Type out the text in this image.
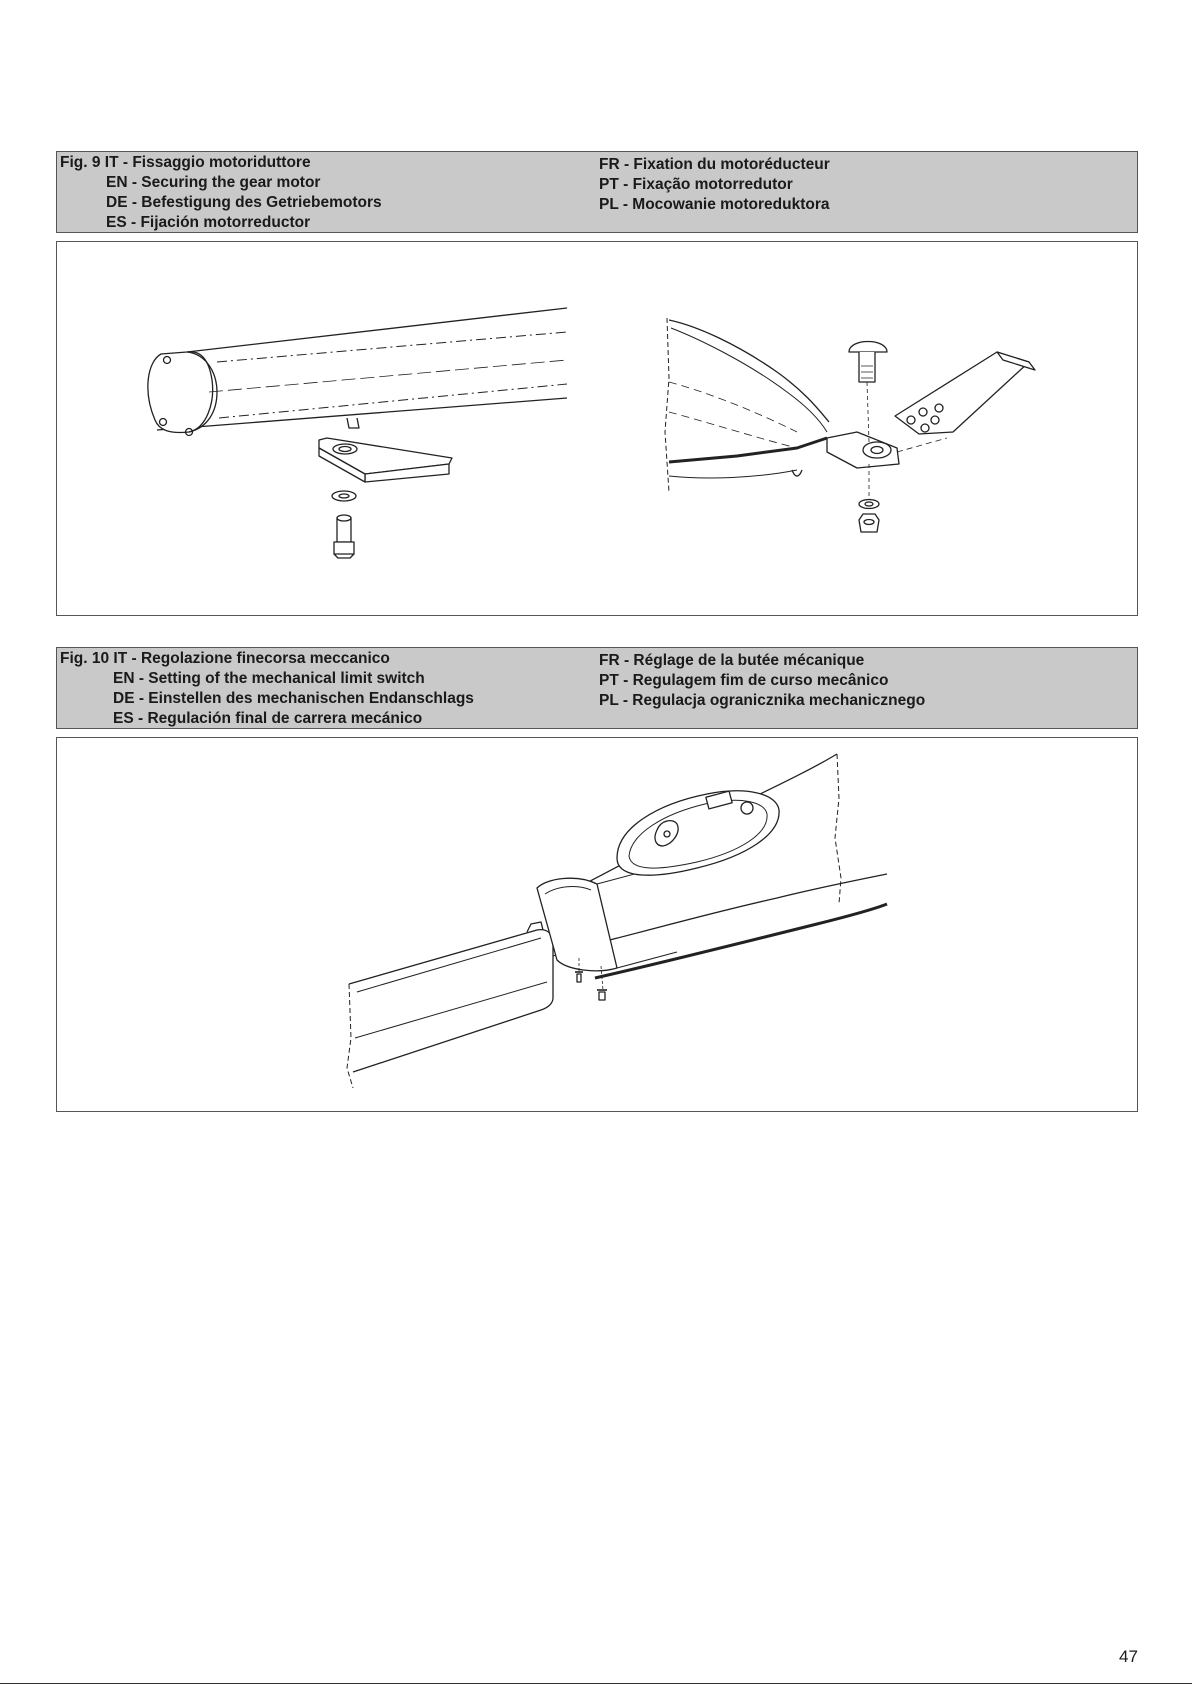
Fig. 9 IT - Fissaggio motoriduttore
EN - Securing the gear motor
DE - Befestigung des Getriebemotors
ES - Fijación motorreductor
FR - Fixation du motoréducteur
PT - Fixação motorredutor
PL - Mocowanie motoreduktora
Fig. 10 IT - Regolazione finecorsa meccanico
EN - Setting of the mechanical limit switch
DE - Einstellen des mechanischen Endanschlags
ES - Regulación final de carrera mecánico
FR - Réglage de la butée mécanique
PT - Regulagem fim de curso mecânico
PL - Regulacja ogranicznika mechanicznego
47
